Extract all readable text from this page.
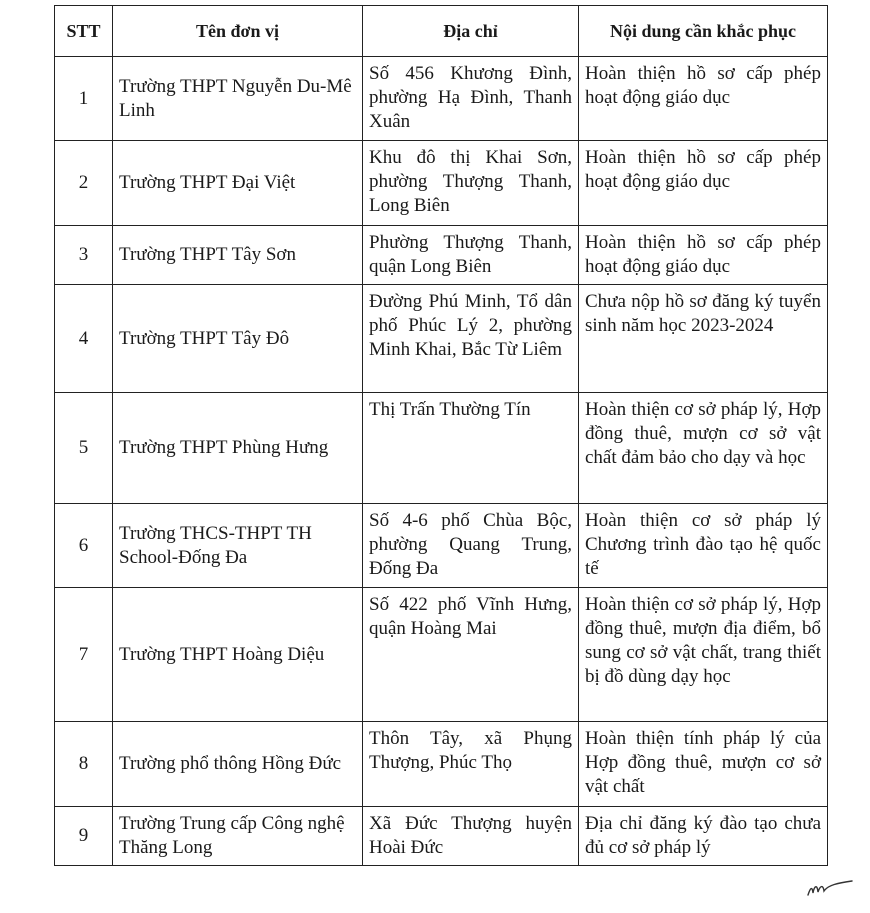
STT	Tên đơn vị	Địa chỉ	Nội dung cần khắc phục
1	Trường THPT Nguyễn Du-Mê Linh	Số 456 Khương Đình, phường Hạ Đình, Thanh Xuân	Hoàn thiện hồ sơ cấp phép hoạt động giáo dục
2	Trường THPT Đại Việt	Khu đô thị Khai Sơn, phường Thượng Thanh, Long Biên	Hoàn thiện hồ sơ cấp phép hoạt động giáo dục
3	Trường THPT Tây Sơn	Phường Thượng Thanh, quận Long Biên	Hoàn thiện hồ sơ cấp phép hoạt động giáo dục
4	Trường THPT Tây Đô	Đường Phú Minh, Tổ dân phố Phúc Lý 2, phường Minh Khai, Bắc Từ Liêm	Chưa nộp hồ sơ đăng ký tuyển sinh năm học 2023-2024
5	Trường THPT Phùng Hưng	Thị Trấn Thường Tín	Hoàn thiện cơ sở pháp lý, Hợp đồng thuê, mượn cơ sở vật chất đảm bảo cho dạy và học
6	Trường THCS-THPT TH School-Đống Đa	Số 4-6 phố Chùa Bộc, phường Quang Trung, Đống Đa	Hoàn thiện cơ sở pháp lý Chương trình đào tạo hệ quốc tế
7	Trường THPT Hoàng Diệu	Số 422 phố Vĩnh Hưng, quận Hoàng Mai	Hoàn thiện cơ sở pháp lý, Hợp đồng thuê, mượn địa điểm, bổ sung cơ sở vật chất, trang thiết bị đồ dùng dạy học
8	Trường phổ thông Hồng Đức	Thôn Tây, xã Phụng Thượng, Phúc Thọ	Hoàn thiện tính pháp lý của Hợp đồng thuê, mượn cơ sở vật chất
9	Trường Trung cấp Công nghệ Thăng Long	Xã Đức Thượng huyện Hoài Đức	Địa chỉ đăng ký đào tạo chưa đủ cơ sở pháp lý
